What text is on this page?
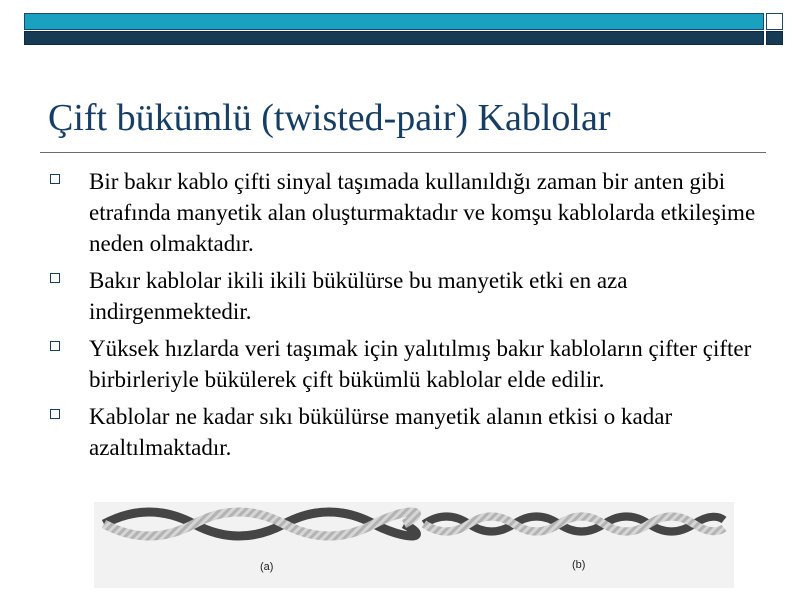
Çift bükümlü (twisted-pair) Kablolar
Bir bakır kablo çifti sinyal taşımada kullanıldığı zaman bir anten gibi etrafında manyetik alan oluşturmaktadır ve komşu kablolarda etkileşime neden olmaktadır.
Bakır kablolar ikili ikili bükülürse bu manyetik etki en aza indirgenmektedir.
Yüksek hızlarda veri taşımak için yalıtılmış bakır kabloların çifter çifter birbirleriyle bükülerek çift bükümlü kablolar elde edilir.
Kablolar ne kadar sıkı bükülürse manyetik alanın etkisi o kadar azaltılmaktadır.
(a)	(b)
